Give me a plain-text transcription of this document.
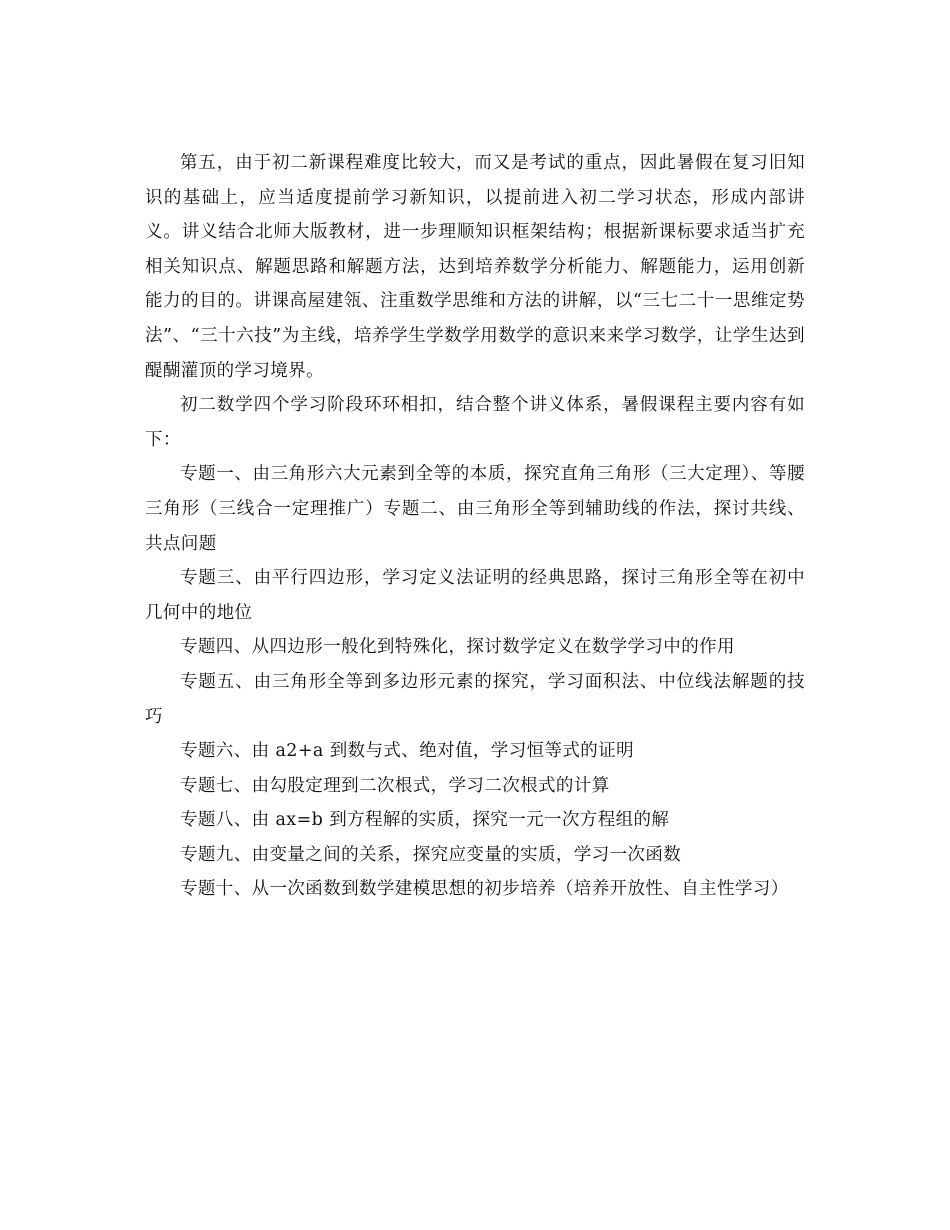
第五，由于初二新课程难度比较大，而又是考试的重点，因此暑假在复习旧知识的基础上，应当适度提前学习新知识，以提前进入初二学习状态，形成内部讲义。讲义结合北师大版教材，进一步理顺知识框架结构；根据新课标要求适当扩充相关知识点、解题思路和解题方法，达到培养数学分析能力、解题能力，运用创新能力的目的。讲课高屋建瓴、注重数学思维和方法的讲解，以“三七二十一思维定势法”、“三十六技”为主线，培养学生学数学用数学的意识来来学习数学，让学生达到醍醐灌顶的学习境界。

初二数学四个学习阶段环环相扣，结合整个讲义体系，暑假课程主要内容有如下：

专题一、由三角形六大元素到全等的本质，探究直角三角形（三大定理）、等腰三角形（三线合一定理推广）专题二、由三角形全等到辅助线的作法，探讨共线、共点问题

专题三、由平行四边形，学习定义法证明的经典思路，探讨三角形全等在初中几何中的地位

专题四、从四边形一般化到特殊化，探讨数学定义在数学学习中的作用

专题五、由三角形全等到多边形元素的探究，学习面积法、中位线法解题的技巧

专题六、由 a2+a 到数与式、绝对值，学习恒等式的证明

专题七、由勾股定理到二次根式，学习二次根式的计算

专题八、由 ax=b 到方程解的实质，探究一元一次方程组的解

专题九、由变量之间的关系，探究应变量的实质，学习一次函数

专题十、从一次函数到数学建模思想的初步培养（培养开放性、自主性学习）
